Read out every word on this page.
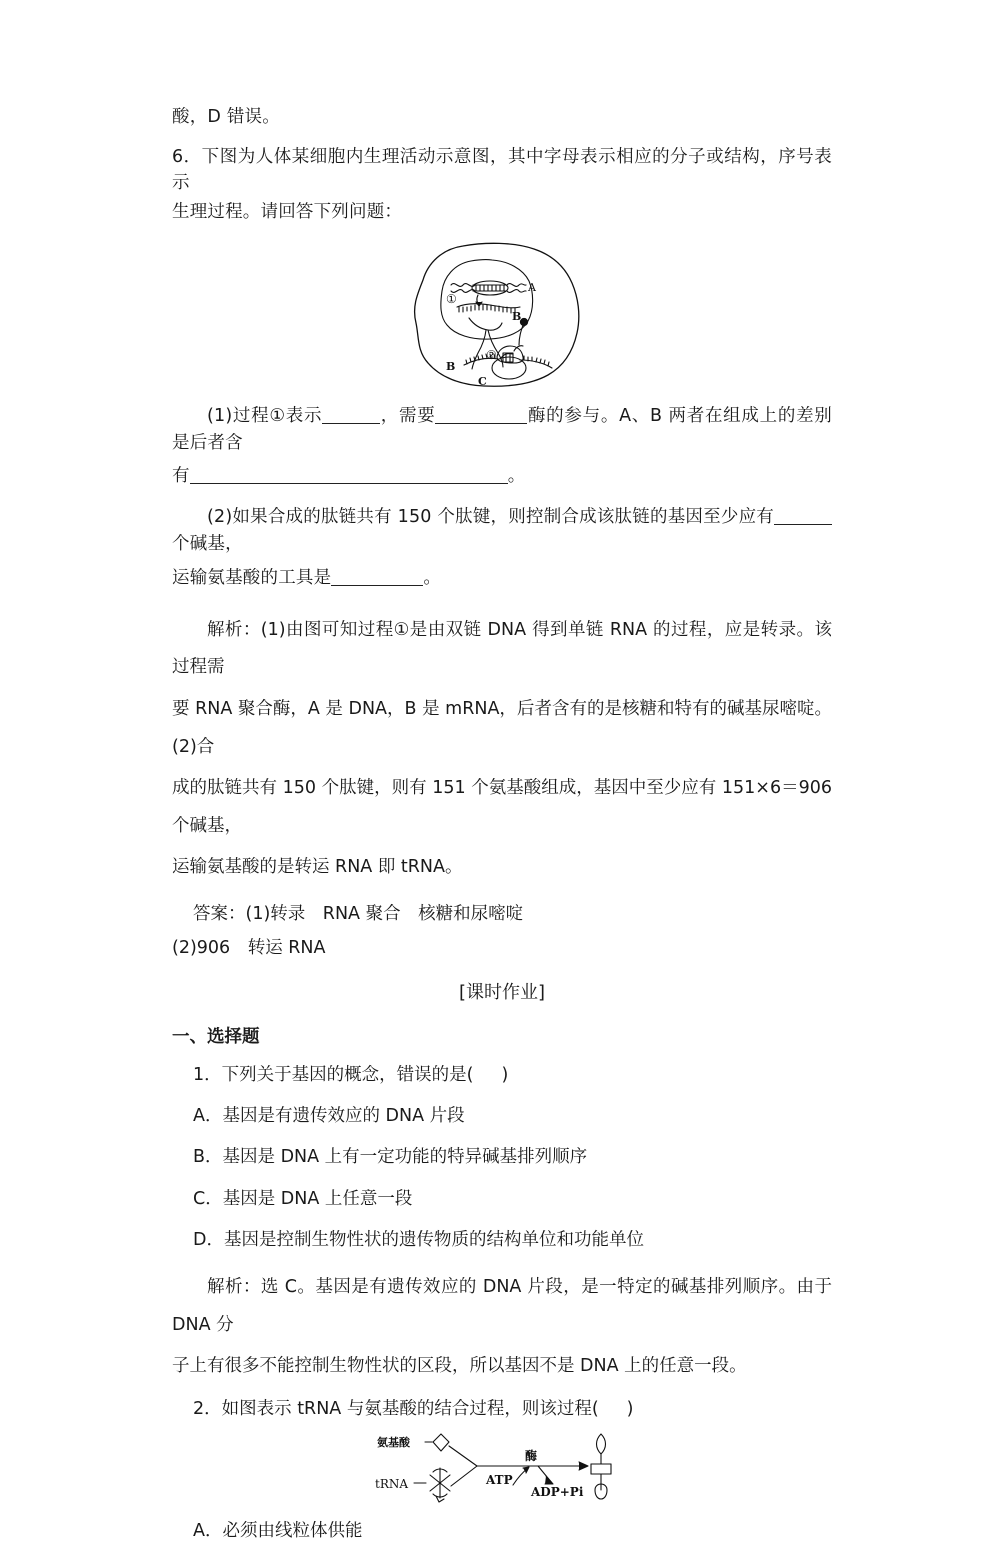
酸，D 错误。

6．下图为人体某细胞内生理活动示意图，其中字母表示相应的分子或结构，序号表示

生理过程。请回答下列问题：

①
A
B
②
B
C

(1)过程①表示	，需要	酶的参与。A、B 两者在组成上的差别是后者含

有	。

(2)如果合成的肽链共有 150 个肽键，则控制合成该肽链的基因至少应有个碱基，

运输氨基酸的工具是	。

解析：(1)由图可知过程①是由双链 DNA 得到单链 RNA 的过程，应是转录。该过程需

要 RNA 聚合酶，A 是 DNA，B 是 mRNA，后者含有的是核糖和特有的碱基尿嘧啶。(2)合

成的肽链共有 150 个肽键，则有 151 个氨基酸组成，基因中至少应有 151×6＝906 个碱基，

运输氨基酸的是转运 RNA 即 tRNA。

答案：(1)转录　RNA 聚合　核糖和尿嘧啶

(2)906　转运 RNA

[课时作业]

一、选择题

1．下列关于基因的概念，错误的是( )

A．基因是有遗传效应的 DNA 片段

B．基因是 DNA 上有一定功能的特异碱基排列顺序

C．基因是 DNA 上任意一段

D．基因是控制生物性状的遗传物质的结构单位和功能单位

解析：选 C。基因是有遗传效应的 DNA 片段，是一特定的碱基排列顺序。由于 DNA 分

子上有很多不能控制生物性状的区段，所以基因不是 DNA 上的任意一段。

2．如图表示 tRNA 与氨基酸的结合过程，则该过程( )

氨基酸
tRNA	ATP
酶
ADP+Pi

A．必须由线粒体供能
